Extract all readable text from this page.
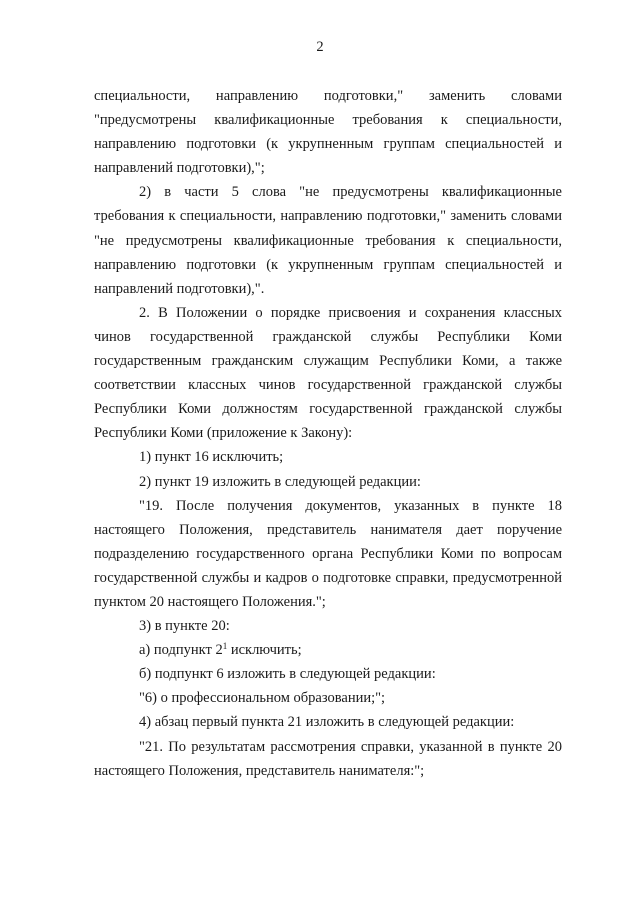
2

специальности, направлению подготовки," заменить словами "предусмотрены квалификационные требования к специальности, направлению подготовки (к укрупненным группам специальностей и направлений подготовки),";

2) в части 5 слова "не предусмотрены квалификационные требования к специальности, направлению подготовки," заменить словами "не предусмотрены квалификационные требования к специальности, направлению подготовки (к укрупненным группам специальностей и направлений подготовки),".

2. В Положении о порядке присвоения и сохранения классных чинов государственной гражданской службы Республики Коми государственным гражданским служащим Республики Коми, а также соответствии классных чинов государственной гражданской службы Республики Коми должностям государственной гражданской службы Республики Коми (приложение к Закону):

1) пункт 16 исключить;

2) пункт 19 изложить в следующей редакции:

"19. После получения документов, указанных в пункте 18 настоящего Положения, представитель нанимателя дает поручение подразделению государственного органа Республики Коми по вопросам государственной службы и кадров о подготовке справки, предусмотренной пунктом 20 настоящего Положения.";

3) в пункте 20:

а) подпункт $2^1$ исключить;

б) подпункт 6 изложить в следующей редакции:

"6) о профессиональном образовании;";

4) абзац первый пункта 21 изложить в следующей редакции:

"21. По результатам рассмотрения справки, указанной в пункте 20 настоящего Положения, представитель нанимателя:";
